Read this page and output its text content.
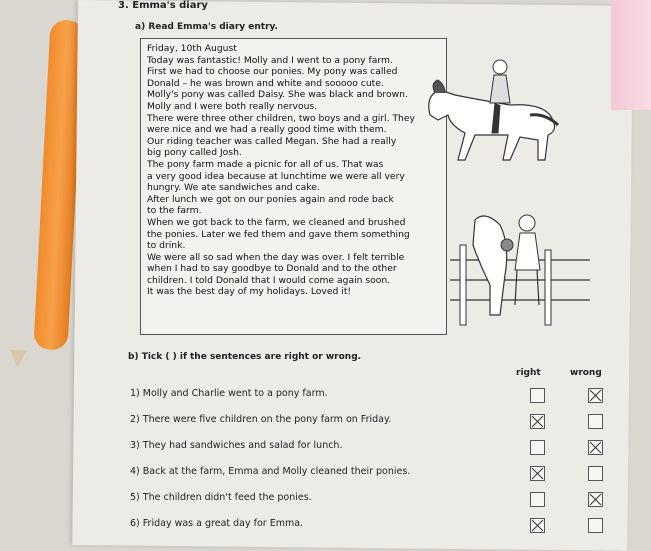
3. Emma's diary
a) Read Emma's diary entry.

Friday, 10th August

Today was fantastic! Molly and I went to a pony farm.

First we had to choose our ponies. My pony was called

Donald – he was brown and white and sooooo cute.

Molly's pony was called Daisy. She was black and brown.

Molly and I were both really nervous.

There were three other children, two boys and a girl. They

were nice and we had a really good time with them.

Our riding teacher was called Megan. She had a really

big pony called Josh.

The pony farm made a picnic for all of us. That was

a very good idea because at lunchtime we were all very

hungry. We ate sandwiches and cake.

After lunch we got on our ponies again and rode back

to the farm.

When we got back to the farm, we cleaned and brushed

the ponies. Later we fed them and gave them something

to drink.

We were all so sad when the day was over. I felt terrible

when I had to say goodbye to Donald and to the other

children. I told Donald that I would come again soon.

It was the best day of my holidays. Loved it!

b) Tick ( ) if the sentences are right or wrong.
right	wrong
1) Molly and Charlie went to a pony farm.
2) There were five children on the pony farm on Friday.
3) They had sandwiches and salad for lunch.
4) Back at the farm, Emma and Molly cleaned their ponies.
5) The children didn't feed the ponies.
6) Friday was a great day for Emma.
